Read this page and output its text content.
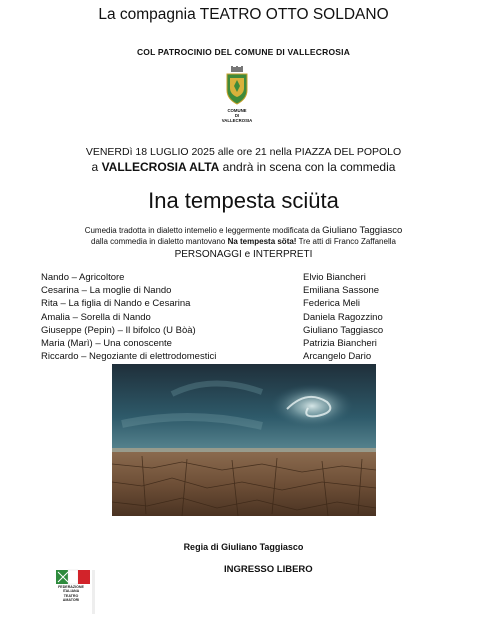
La compagnia TEATRO OTTO SOLDANO
COL PATROCINIO DEL COMUNE DI VALLECROSIA
COMUNE
DI
VALLECROSIA
VENERDì 18 LUGLIO 2025 alle ore 21 nella PIAZZA DEL POPOLO
a VALLECROSIA ALTA andrà in scena con la commedia
Ina tempesta sciüta
Cumedia tradotta in dialetto intemelio e leggermente modificata da Giuliano Taggiasco
dalla commedia in dialetto mantovano Na tempesta söta! Tre atti di Franco Zaffanella
PERSONAGGI e INTERPRETI
Nando – Agricoltore	Elvio Biancheri
Cesarina – La moglie di Nando	Emiliana Sassone
Rita – La figlia di Nando e Cesarina	Federica Meli
Amalia – Sorella di Nando	Daniela Ragozzino
Giuseppe (Pepin) – Il bifolco (U Bòà)	Giuliano Taggiasco
Maria (Marì) – Una conoscente	Patrizia Biancheri
Riccardo – Negoziante di elettrodomestici	Arcangelo Dario
Regia di Giuliano Taggiasco
INGRESSO LIBERO
FEDERAZIONE ITALIANA TEATRO AMATORI
